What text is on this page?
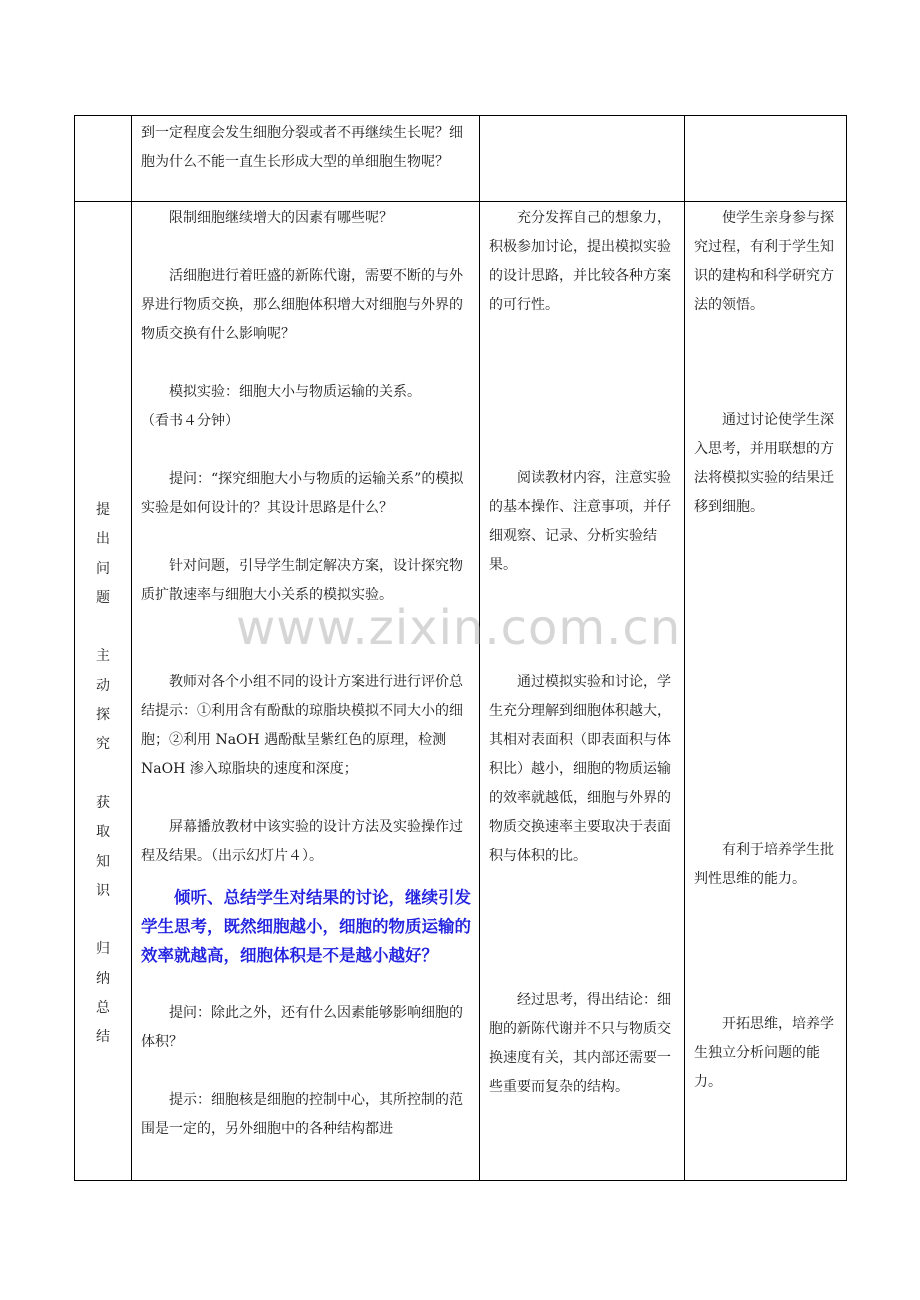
到一定程度会发生细胞分裂或者不再继续生长呢？细胞为什么不能一直生长形成大型的单细胞生物呢？

提
出
问
题

主
动
探
究

获
取
知
识

归
纳
总
结

限制细胞继续增大的因素有哪些呢？

活细胞进行着旺盛的新陈代谢，需要不断的与外界进行物质交换，那么细胞体积增大对细胞与外界的物质交换有什么影响呢？

模拟实验：细胞大小与物质运输的关系。

（看书４分钟）

提问：“探究细胞大小与物质的运输关系”的模拟实验是如何设计的？其设计思路是什么？

针对问题，引导学生制定解决方案，设计探究物质扩散速率与细胞大小关系的模拟实验。

教师对各个小组不同的设计方案进行进行评价总结提示：①利用含有酚酞的琼脂块模拟不同大小的细胞；②利用 NaOH 遇酚酞呈紫红色的原理，检测 NaOH 渗入琼脂块的速度和深度；

屏幕播放教材中该实验的设计方法及实验操作过程及结果。（出示幻灯片４）。

倾听、总结学生对结果的讨论，继续引发学生思考，既然细胞越小，细胞的物质运输的效率就越高，细胞体积是不是越小越好？

提问：除此之外，还有什么因素能够影响细胞的体积？

提示：细胞核是细胞的控制中心，其所控制的范围是一定的，另外细胞中的各种结构都进

充分发挥自己的想象力，积极参加讨论，提出模拟实验的设计思路，并比较各种方案的可行性。

阅读教材内容，注意实验的基本操作、注意事项，并仔细观察、记录、分析实验结果。

通过模拟实验和讨论，学生充分理解到细胞体积越大，其相对表面积（即表面积与体积比）越小，细胞的物质运输的效率就越低，细胞与外界的物质交换速率主要取决于表面积与体积的比。

经过思考，得出结论：细胞的新陈代谢并不只与物质交换速度有关，其内部还需要一些重要而复杂的结构。

使学生亲身参与探究过程，有利于学生知识的建构和科学研究方法的领悟。

通过讨论使学生深入思考，并用联想的方法将模拟实验的结果迁移到细胞。

有利于培养学生批判性思维的能力。

开拓思维，培养学生独立分析问题的能力。

www.zixin.com.cn
